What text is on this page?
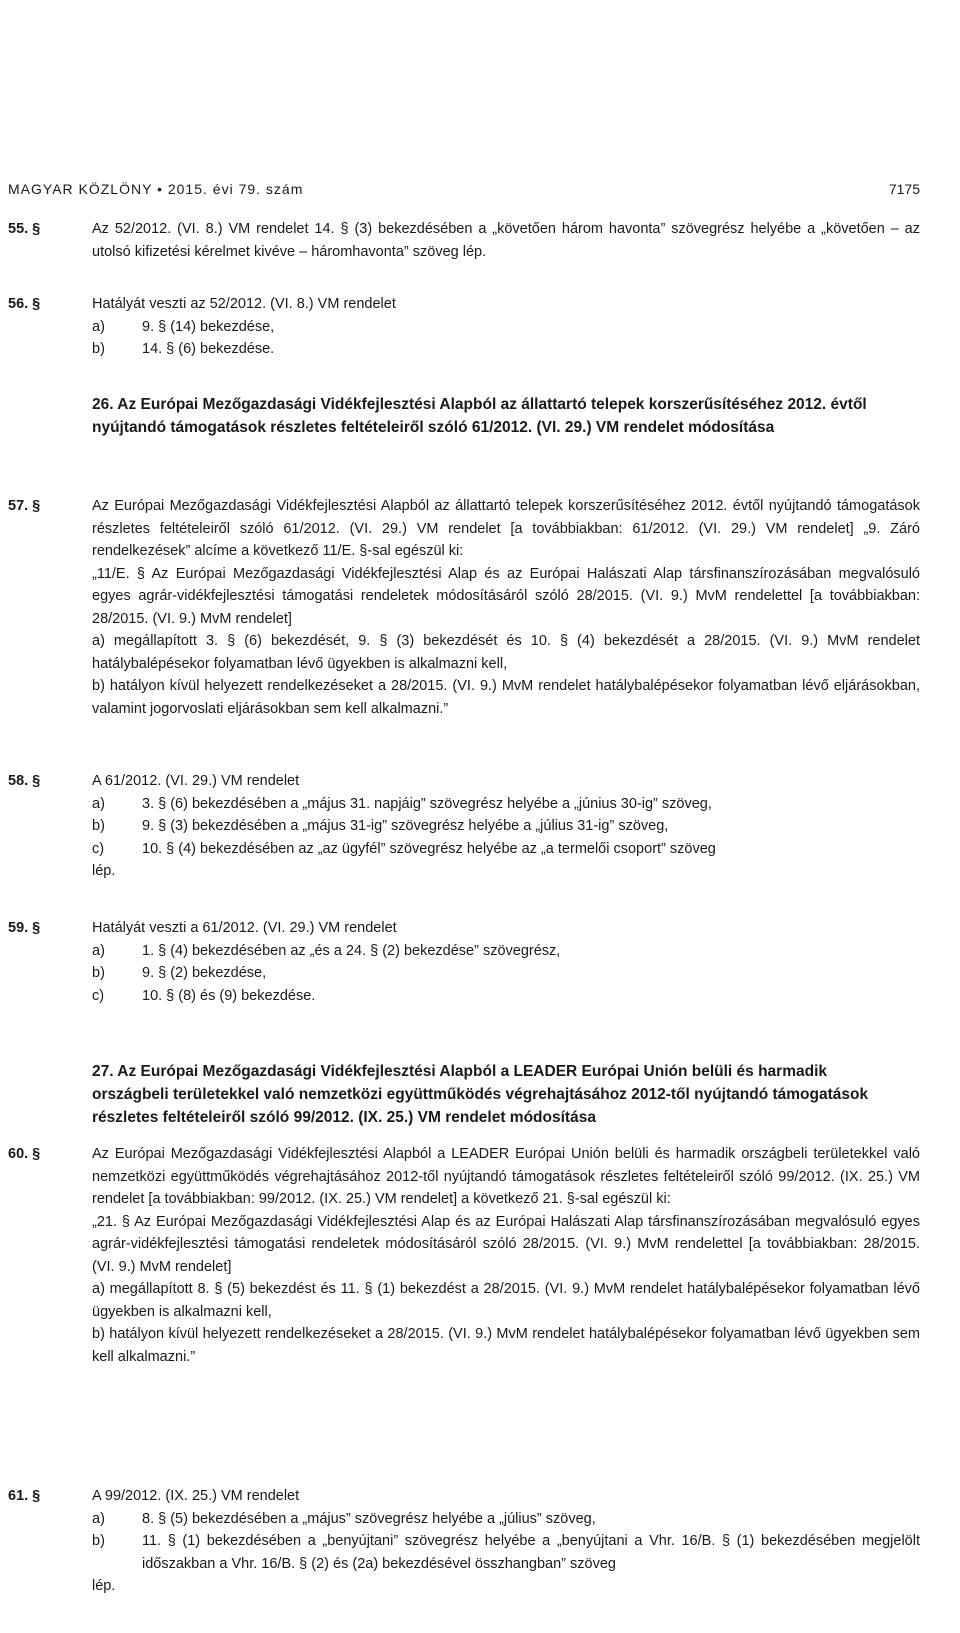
MAGYAR KÖZLÖNY • 2015. évi 79. szám	7175
55. §	Az 52/2012. (VI. 8.) VM rendelet 14. § (3) bekezdésében a „követően három havonta” szövegrész helyébe a „követően – az utolsó kifizetési kérelmet kivéve – háromhavonta” szöveg lép.

56. §	Hatályát veszti az 52/2012. (VI. 8.) VM rendelet

a)	9. § (14) bekezdése,
b)	14. § (6) bekezdése.
26. Az Európai Mezőgazdasági Vidékfejlesztési Alapból az állattartó telepek korszerűsítéséhez 2012. évtől nyújtandó támogatások részletes feltételeiről szóló 61/2012. (VI. 29.) VM rendelet módosítása
57. §	Az Európai Mezőgazdasági Vidékfejlesztési Alapból az állattartó telepek korszerűsítéséhez 2012. évtől nyújtandó támogatások részletes feltételeiről szóló 61/2012. (VI. 29.) VM rendelet [a továbbiakban: 61/2012. (VI. 29.) VM rendelet] „9. Záró rendelkezések” alcíme a következő 11/E. §-sal egészül ki:

„11/E. § Az Európai Mezőgazdasági Vidékfejlesztési Alap és az Európai Halászati Alap társfinanszírozásában megvalósuló egyes agrár-vidékfejlesztési támogatási rendeletek módosításáról szóló 28/2015. (VI. 9.) MvM rendelettel [a továbbiakban: 28/2015. (VI. 9.) MvM rendelet]

a) megállapított 3. § (6) bekezdését, 9. § (3) bekezdését és 10. § (4) bekezdését a 28/2015. (VI. 9.) MvM rendelet hatálybalépésekor folyamatban lévő ügyekben is alkalmazni kell,

b) hatályon kívül helyezett rendelkezéseket a 28/2015. (VI. 9.) MvM rendelet hatálybalépésekor folyamatban lévő eljárásokban, valamint jogorvoslati eljárásokban sem kell alkalmazni.”

58. §	A 61/2012. (VI. 29.) VM rendelet

a)	3. § (6) bekezdésében a „május 31. napjáig” szövegrész helyébe a „június 30-ig” szöveg,
b)	9. § (3) bekezdésében a „május 31-ig” szövegrész helyébe a „július 31-ig” szöveg,
c)	10. § (4) bekezdésében az „az ügyfél” szövegrész helyébe az „a termelői csoport” szöveg

lép.

59. §	Hatályát veszti a 61/2012. (VI. 29.) VM rendelet

a)	1. § (4) bekezdésében az „és a 24. § (2) bekezdése” szövegrész,
b)	9. § (2) bekezdése,
c)	10. § (8) és (9) bekezdése.
27. Az Európai Mezőgazdasági Vidékfejlesztési Alapból a LEADER Európai Unión belüli és harmadik országbeli területekkel való nemzetközi együttműködés végrehajtásához 2012-től nyújtandó támogatások részletes feltételeiről szóló 99/2012. (IX. 25.) VM rendelet módosítása
60. §	Az Európai Mezőgazdasági Vidékfejlesztési Alapból a LEADER Európai Unión belüli és harmadik országbeli területekkel való nemzetközi együttműködés végrehajtásához 2012-től nyújtandó támogatások részletes feltételeiről szóló 99/2012. (IX. 25.) VM rendelet [a továbbiakban: 99/2012. (IX. 25.) VM rendelet] a következő 21. §-sal egészül ki:

„21. § Az Európai Mezőgazdasági Vidékfejlesztési Alap és az Európai Halászati Alap társfinanszírozásában megvalósuló egyes agrár-vidékfejlesztési támogatási rendeletek módosításáról szóló 28/2015. (VI. 9.) MvM rendelettel [a továbbiakban: 28/2015. (VI. 9.) MvM rendelet]

a) megállapított 8. § (5) bekezdést és 11. § (1) bekezdést a 28/2015. (VI. 9.) MvM rendelet hatálybalépésekor folyamatban lévő ügyekben is alkalmazni kell,

b) hatályon kívül helyezett rendelkezéseket a 28/2015. (VI. 9.) MvM rendelet hatálybalépésekor folyamatban lévő ügyekben sem kell alkalmazni.”

61. §	A 99/2012. (IX. 25.) VM rendelet

a)	8. § (5) bekezdésében a „május” szövegrész helyébe a „július” szöveg,
b)	11. § (1) bekezdésében a „benyújtani” szövegrész helyébe a „benyújtani a Vhr. 16/B. § (1) bekezdésében megjelölt időszakban a Vhr. 16/B. § (2) és (2a) bekezdésével összhangban” szöveg

lép.
